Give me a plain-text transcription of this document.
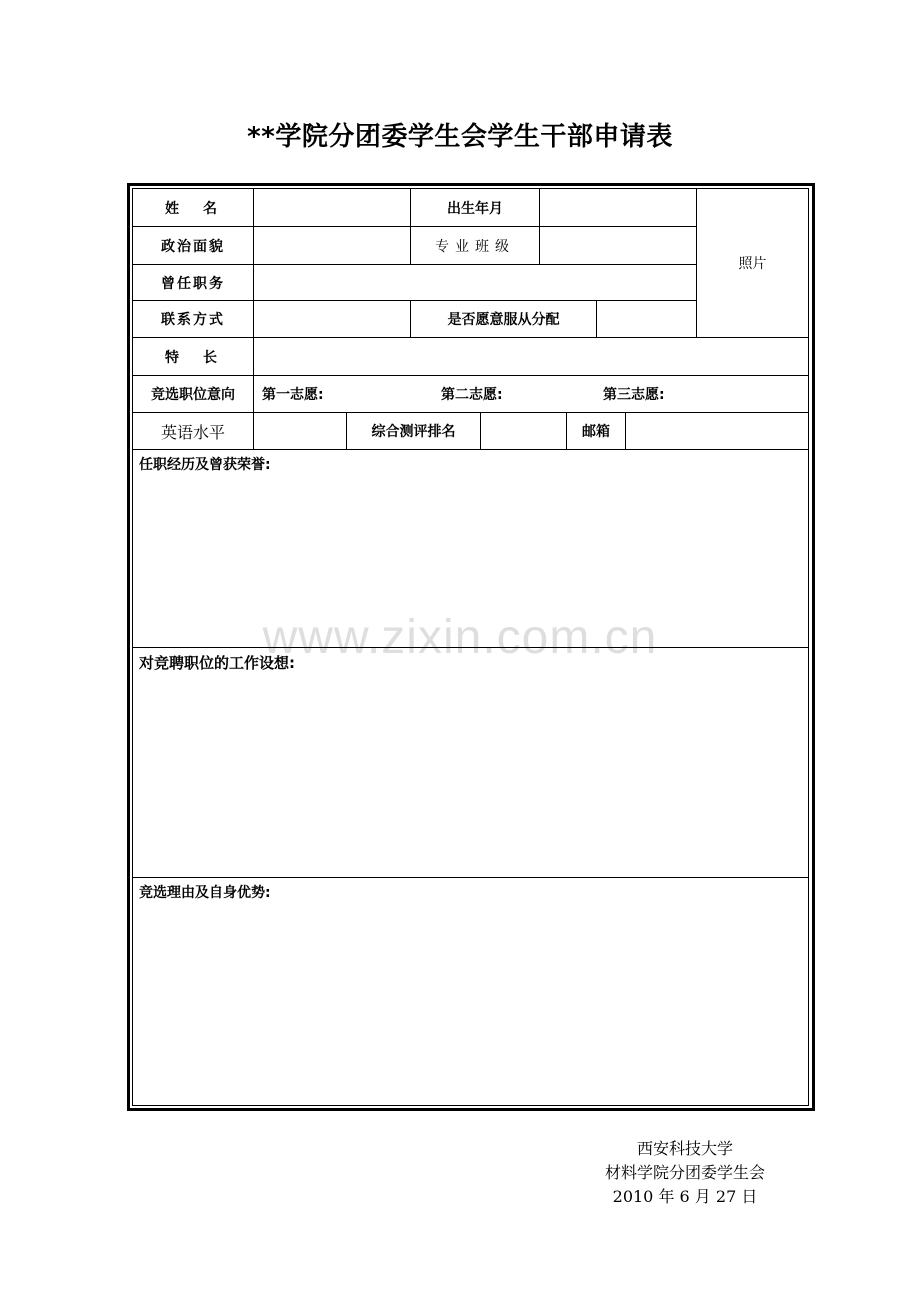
**学院分团委学生会学生干部申请表
姓名	出生年月
照片
政治面貌	专业班级
曾任职务
联系方式	是否愿意服从分配
特长
竞选职位意向	第一志愿:	第二志愿:	第三志愿:
英语水平	综合测评排名	邮箱
任职经历及曾获荣誉:
对竞聘职位的工作设想:
竞选理由及自身优势:
www.zixin.com.cn
西安科技大学
材料学院分团委学生会
2010 年 6 月 27 日
